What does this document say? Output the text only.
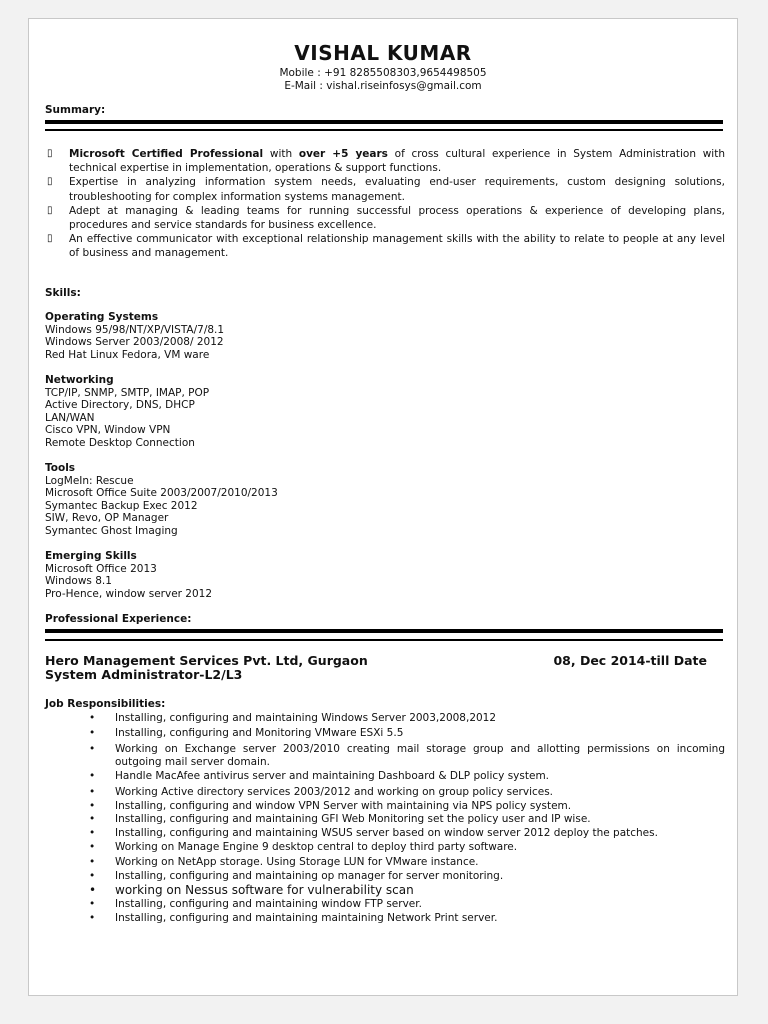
VISHAL KUMAR
Mobile : +91 8285508303,9654498505
E-Mail : vishal.riseinfosys@gmail.com
Summary:
▯ Microsoft Certified Professional with over +5 years of cross cultural experience in System Administration with technical expertise in implementation, operations & support functions.
▯ Expertise in analyzing information system needs, evaluating end-user requirements, custom designing solutions, troubleshooting for complex information systems management.
▯ Adept at managing & leading teams for running successful process operations & experience of developing plans, procedures and service standards for business excellence.
▯ An effective communicator with exceptional relationship management skills with the ability to relate to people at any level of business and management.
Skills:
Operating Systems
Windows 95/98/NT/XP/VISTA/7/8.1
Windows Server 2003/2008/ 2012
Red Hat Linux Fedora, VM ware
Networking
TCP/IP, SNMP, SMTP, IMAP, POP
Active Directory, DNS, DHCP
LAN/WAN
Cisco VPN, Window VPN
Remote Desktop Connection
Tools
LogMeIn: Rescue
Microsoft Office Suite 2003/2007/2010/2013
Symantec Backup Exec 2012
SIW, Revo, OP Manager
Symantec Ghost Imaging
Emerging Skills
Microsoft Office 2013
Windows 8.1
Pro-Hence, window server 2012
Professional Experience:
Hero Management Services Pvt. Ltd, Gurgaon	08, Dec 2014-till Date
System Administrator-L2/L3
Job Responsibilities:
• Installing, configuring and maintaining Windows Server 2003,2008,2012
• Installing, configuring and Monitoring VMware ESXi 5.5
• Working on Exchange server 2003/2010 creating mail storage group and allotting permissions on incoming outgoing mail server domain.
• Handle MacAfee antivirus server and maintaining Dashboard & DLP policy system.
• Working Active directory services 2003/2012 and working on group policy services.
• Installing, configuring and window VPN Server with maintaining via NPS policy system.
• Installing, configuring and maintaining GFI Web Monitoring set the policy user and IP wise.
• Installing, configuring and maintaining WSUS server based on window server 2012 deploy the patches.
• Working on Manage Engine 9 desktop central to deploy third party software.
• Working on NetApp storage. Using Storage LUN for VMware instance.
• Installing, configuring and maintaining op manager for server monitoring.
• working on Nessus software for vulnerability scan
• Installing, configuring and maintaining window FTP server.
• Installing, configuring and maintaining maintaining Network Print server.
